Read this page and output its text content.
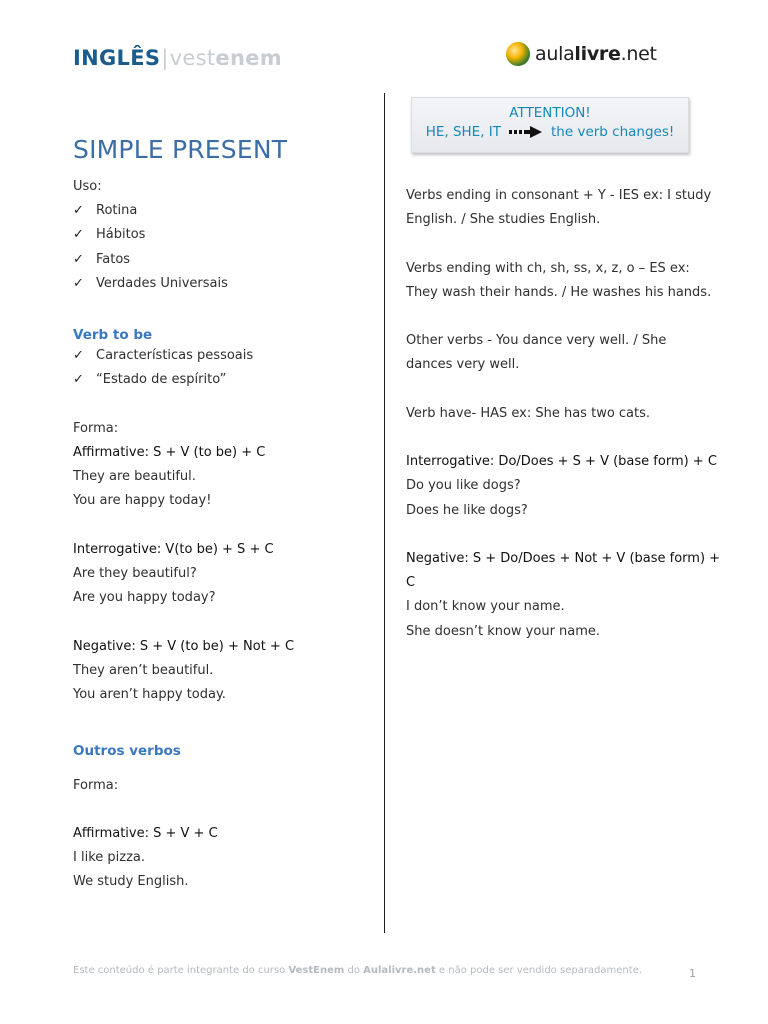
INGLÊS|vestenem	aulalivre.net
ATTENTION!
HE, SHE, IT	the verb changes!
SIMPLE PRESENT
Uso:
✓ Rotina
✓ Hábitos
✓ Fatos
✓ Verdades Universais
Verb to be
✓ Características pessoais
✓ “Estado de espírito”
Forma:
Affirmative: S + V (to be) + C
They are beautiful.
You are happy today!
Interrogative: V(to be) + S + C
Are they beautiful?
Are you happy today?
Negative: S + V (to be) + Not + C
They aren’t beautiful.
You aren’t happy today.
Outros verbos
Forma:
Affirmative: S + V + C
I like pizza.
We study English.
Verbs ending in consonant + Y - IES ex: I study
English. / She studies English.
Verbs ending with ch, sh, ss, x, z, o – ES ex:
They wash their hands. / He washes his hands.
Other verbs - You dance very well. / She
dances very well.
Verb have- HAS ex: She has two cats.
Interrogative: Do/Does + S + V (base form) + C
Do you like dogs?
Does he like dogs?
Negative: S + Do/Does + Not + V (base form) +
C
I don’t know your name.
She doesn’t know your name.
Este conteúdo é parte integrante do curso VestEnem do Aulalivre.net e não pode ser vendido separadamente.	1
